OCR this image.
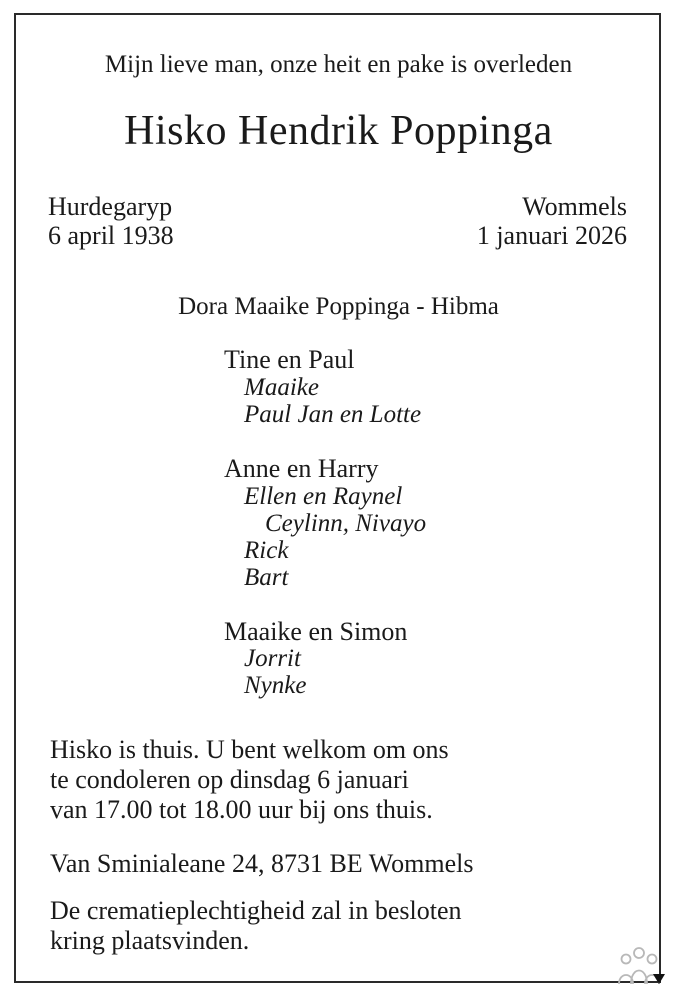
Mijn lieve man, onze heit en pake is overleden
Hisko Hendrik Poppinga
Hurdegaryp
6 april 1938
Wommels
1 januari 2026
Dora Maaike Poppinga - Hibma
Tine en Paul
Maaike
Paul Jan en Lotte
Anne en Harry
Ellen en Raynel
Ceylinn, Nivayo
Rick
Bart
Maaike en Simon
Jorrit
Nynke
Hisko is thuis. U bent welkom om ons
te condoleren op dinsdag 6 januari
van 17.00 tot 18.00 uur bij ons thuis.
Van Sminialeane 24, 8731 BE Wommels
De crematieplechtigheid zal in besloten
kring plaatsvinden.
